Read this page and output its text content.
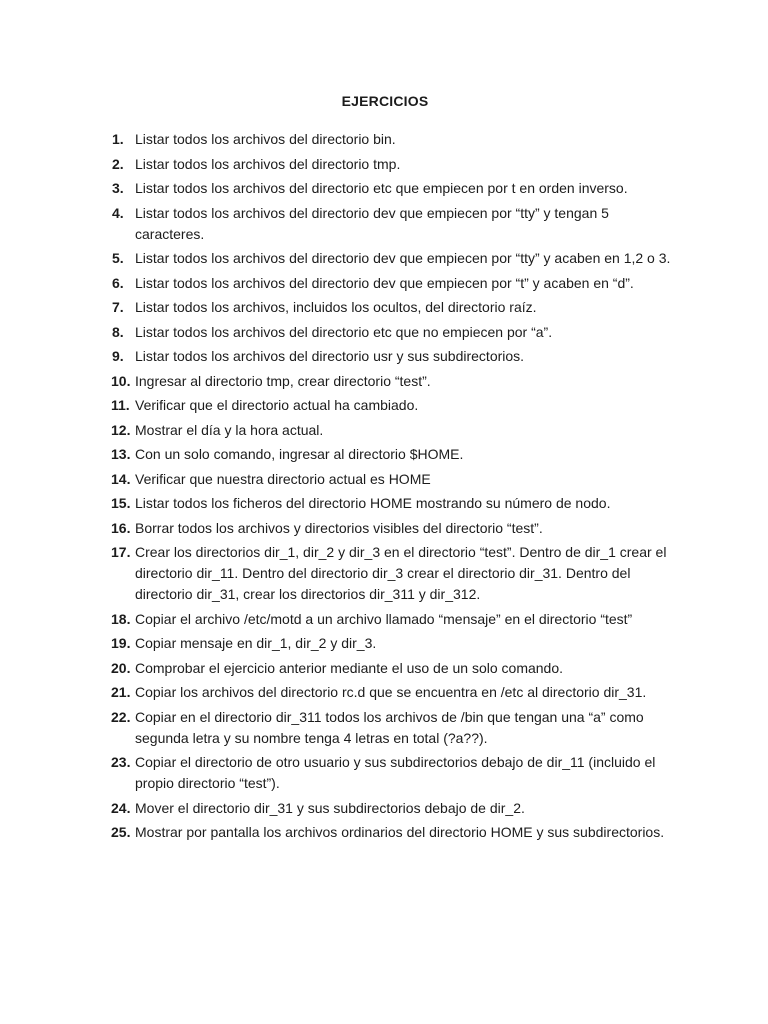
EJERCICIOS
1. Listar todos los archivos del directorio bin.
2. Listar todos los archivos del directorio tmp.
3. Listar todos los archivos del directorio etc que empiecen por t en orden inverso.
4. Listar todos los archivos del directorio dev que empiecen por “tty” y tengan 5 caracteres.
5. Listar todos los archivos del directorio dev que empiecen por “tty” y acaben en 1,2 o 3.
6. Listar todos los archivos del directorio dev que empiecen por “t” y acaben en “d”.
7. Listar todos los archivos, incluidos los ocultos, del directorio raíz.
8. Listar todos los archivos del directorio etc que no empiecen por “a”.
9. Listar todos los archivos del directorio usr y sus subdirectorios.
10. Ingresar al directorio tmp, crear directorio “test”.
11. Verificar que el directorio actual ha cambiado.
12. Mostrar el día y la hora actual.
13. Con un solo comando, ingresar al directorio $HOME.
14. Verificar que nuestra directorio actual es HOME
15. Listar todos los ficheros del directorio HOME mostrando su número de nodo.
16. Borrar todos los archivos y directorios visibles del directorio “test”.
17. Crear los directorios dir_1, dir_2 y dir_3 en el directorio “test”. Dentro de dir_1 crear el directorio dir_11. Dentro del directorio dir_3 crear el directorio dir_31. Dentro del directorio dir_31, crear los directorios dir_311 y dir_312.
18. Copiar el archivo /etc/motd a un archivo llamado “mensaje” en el directorio “test”
19. Copiar mensaje en dir_1, dir_2 y dir_3.
20. Comprobar el ejercicio anterior mediante el uso de un solo comando.
21. Copiar los archivos del directorio rc.d que se encuentra en /etc al directorio dir_31.
22. Copiar en el directorio dir_311 todos los archivos de /bin que tengan una “a” como segunda letra y su nombre tenga 4 letras en total (?a??).
23. Copiar el directorio de otro usuario y sus subdirectorios debajo de dir_11 (incluido el propio directorio “test”).
24. Mover el directorio dir_31 y sus subdirectorios debajo de dir_2.
25. Mostrar por pantalla los archivos ordinarios del directorio HOME y sus subdirectorios.
